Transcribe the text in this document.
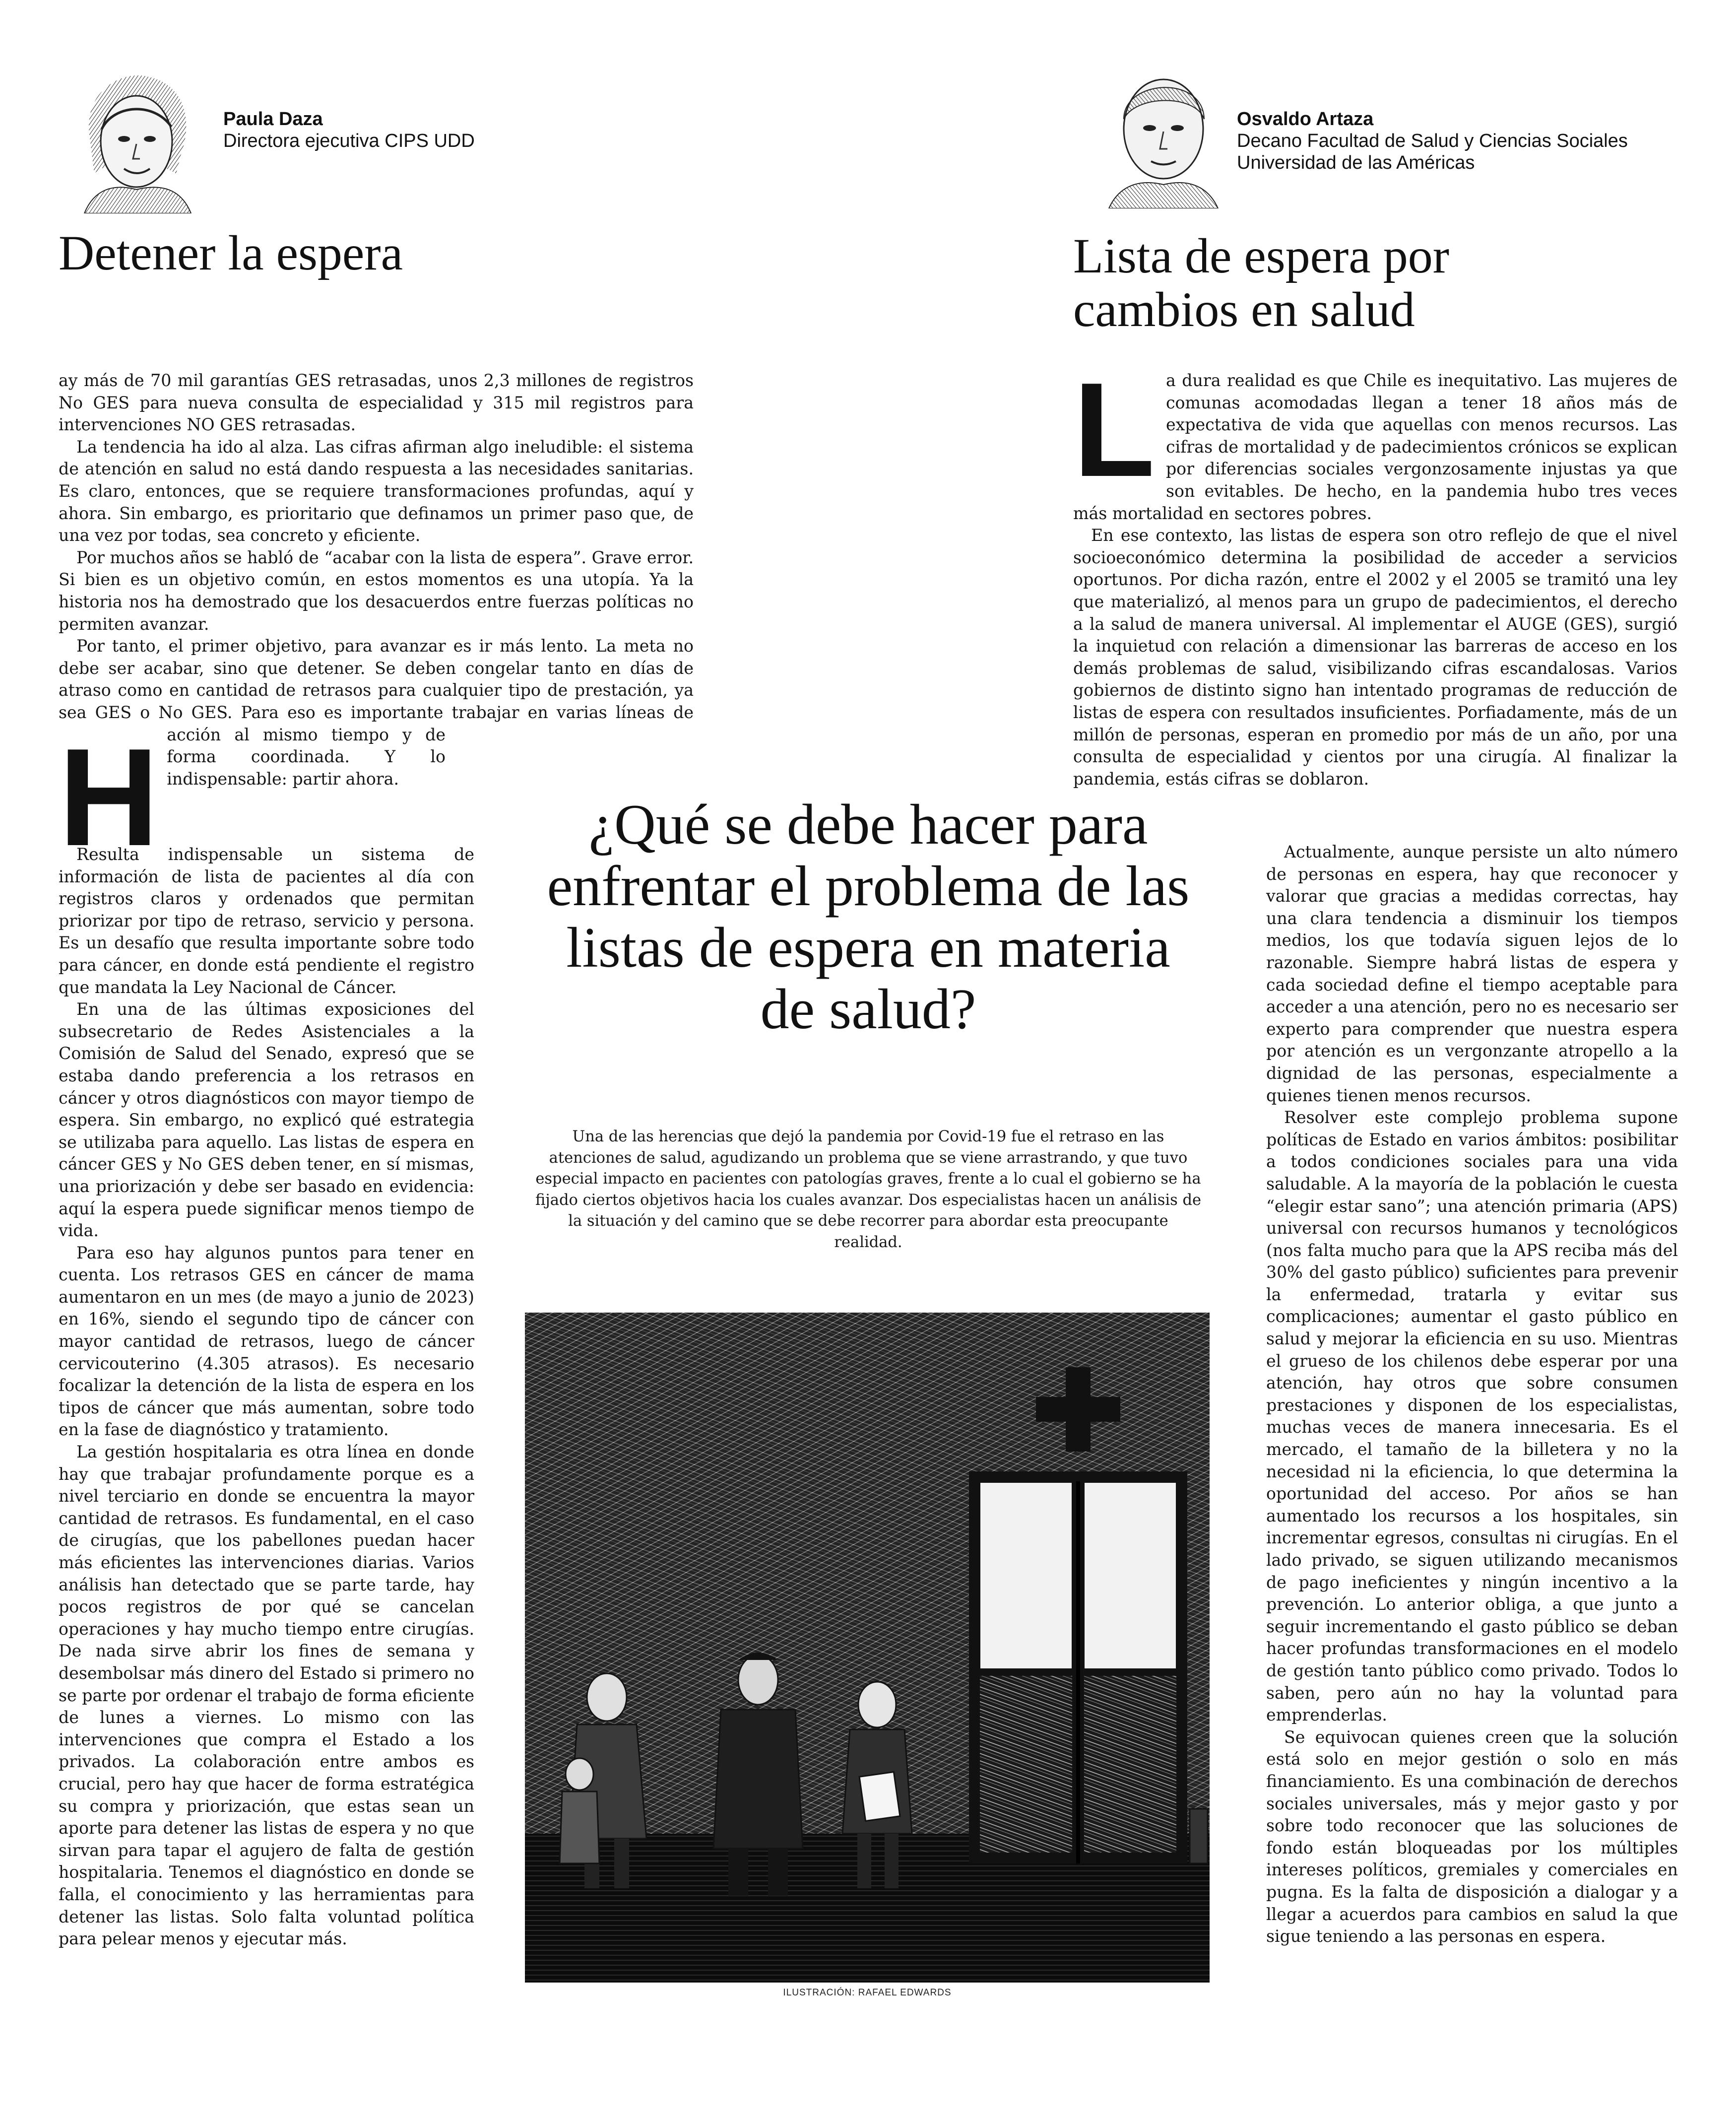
Paula Daza
Directora ejecutiva CIPS UDD
Detener la espera
Osvaldo Artaza
Decano Facultad de Salud y Ciencias Sociales
Universidad de las Américas
Lista de espera por cambios en salud
H

ay más de 70 mil garantías GES retrasadas, unos 2,3 millones de registros No GES para nueva consulta de especialidad y 315 mil registros para intervenciones NO GES retrasadas.

La tendencia ha ido al alza. Las cifras afirman algo ineludible: el sistema de atención en salud no está dando respuesta a las necesidades sanitarias. Es claro, entonces, que se requiere transformaciones profundas, aquí y ahora. Sin embargo, es prioritario que definamos un primer paso que, de una vez por todas, sea concreto y eficiente.

Por muchos años se habló de “acabar con la lista de espera”. Grave error. Si bien es un objetivo común, en estos momentos es una utopía. Ya la historia nos ha demostrado que los desacuerdos entre fuerzas políticas no permiten avanzar.

Por tanto, el primer objetivo, para avanzar es ir más lento. La meta no debe ser acabar, sino que detener. Se deben congelar tanto en días de atraso como en cantidad de retrasos para cualquier tipo de prestación, ya sea GES o No GES. Para eso es importante trabajar en varias líneas de acción al mismo tiempo y de forma coordinada. Y lo indispensable: partir ahora.

Resulta indispensable un sistema de información de lista de pacientes al día con registros claros y ordenados que permitan priorizar por tipo de retraso, servicio y persona. Es un desafío que resulta importante sobre todo para cáncer, en donde está pendiente el registro que mandata la Ley Nacional de Cáncer.

En una de las últimas exposiciones del subsecretario de Redes Asistenciales a la Comisión de Salud del Senado, expresó que se estaba dando preferencia a los retrasos en cáncer y otros diagnósticos con mayor tiempo de espera. Sin embargo, no explicó qué estrategia se utilizaba para aquello. Las listas de espera en cáncer GES y No GES deben tener, en sí mismas, una priorización y debe ser basado en evidencia: aquí la espera puede significar menos tiempo de vida.

Para eso hay algunos puntos para tener en cuenta. Los retrasos GES en cáncer de mama aumentaron en un mes (de mayo a junio de 2023) en 16%, siendo el segundo tipo de cáncer con mayor cantidad de retrasos, luego de cáncer cervicouterino (4.305 atrasos). Es necesario focalizar la detención de la lista de espera en los tipos de cáncer que más aumentan, sobre todo en la fase de diagnóstico y tratamiento.

La gestión hospitalaria es otra línea en donde hay que trabajar profundamente porque es a nivel terciario en donde se encuentra la mayor cantidad de retrasos. Es fundamental, en el caso de cirugías, que los pabellones puedan hacer más eficientes las intervenciones diarias. Varios análisis han detectado que se parte tarde, hay pocos registros de por qué se cancelan operaciones y hay mucho tiempo entre cirugías. De nada sirve abrir los fines de semana y desembolsar más dinero del Estado si primero no se parte por ordenar el trabajo de forma eficiente de lunes a viernes. Lo mismo con las intervenciones que compra el Estado a los privados. La colaboración entre ambos es crucial, pero hay que hacer de forma estratégica su compra y priorización, que estas sean un aporte para detener las listas de espera y no que sirvan para tapar el agujero de falta de gestión hospitalaria. Tenemos el diagnóstico en donde se falla, el conocimiento y las herramientas para detener las listas. Solo falta voluntad política para pelear menos y ejecutar más.

L a dura realidad es que Chile es inequitativo. Las mujeres de comunas acomodadas llegan a tener 18 años más de expectativa de vida que aquellas con menos recursos. Las cifras de mortalidad y de padecimientos crónicos se explican por diferencias sociales vergonzosamente injustas ya que son evitables. De hecho, en la pandemia hubo tres veces más mortalidad en sectores pobres.

En ese contexto, las listas de espera son otro reflejo de que el nivel socioeconómico determina la posibilidad de acceder a servicios oportunos. Por dicha razón, entre el 2002 y el 2005 se tramitó una ley que materializó, al menos para un grupo de padecimientos, el derecho a la salud de manera universal. Al implementar el AUGE (GES), surgió la inquietud con relación a dimensionar las barreras de acceso en los demás problemas de salud, visibilizando cifras escandalosas. Varios gobiernos de distinto signo han intentado programas de reducción de listas de espera con resultados insuficientes. Porfiadamente, más de un millón de personas, esperan en promedio por más de un año, por una consulta de especialidad y cientos por una cirugía. Al finalizar la pandemia, estás cifras se doblaron.

Actualmente, aunque persiste un alto número de personas en espera, hay que reconocer y valorar que gracias a medidas correctas, hay una clara tendencia a disminuir los tiempos medios, los que todavía siguen lejos de lo razonable. Siempre habrá listas de espera y cada sociedad define el tiempo aceptable para acceder a una atención, pero no es necesario ser experto para comprender que nuestra espera por atención es un vergonzante atropello a la dignidad de las personas, especialmente a quienes tienen menos recursos.

Resolver este complejo problema supone políticas de Estado en varios ámbitos: posibilitar a todos condiciones sociales para una vida saludable. A la mayoría de la población le cuesta “elegir estar sano”; una atención primaria (APS) universal con recursos humanos y tecnológicos (nos falta mucho para que la APS reciba más del 30% del gasto público) suficientes para prevenir la enfermedad, tratarla y evitar sus complicaciones; aumentar el gasto público en salud y mejorar la eficiencia en su uso. Mientras el grueso de los chilenos debe esperar por una atención, hay otros que sobre consumen prestaciones y disponen de los especialistas, muchas veces de manera innecesaria. Es el mercado, el tamaño de la billetera y no la necesidad ni la eficiencia, lo que determina la oportunidad del acceso. Por años se han aumentado los recursos a los hospitales, sin incrementar egresos, consultas ni cirugías. En el lado privado, se siguen utilizando mecanismos de pago ineficientes y ningún incentivo a la prevención. Lo anterior obliga, a que junto a seguir incrementando el gasto público se deban hacer profundas transformaciones en el modelo de gestión tanto público como privado. Todos lo saben, pero aún no hay la voluntad para emprenderlas.

Se equivocan quienes creen que la solución está solo en mejor gestión o solo en más financiamiento. Es una combinación de derechos sociales universales, más y mejor gasto y por sobre todo reconocer que las soluciones de fondo están bloqueadas por los múltiples intereses políticos, gremiales y comerciales en pugna. Es la falta de disposición a dialogar y a llegar a acuerdos para cambios en salud la que sigue teniendo a las personas en espera.

¿Qué se debe hacer para enfrentar el problema de las listas de espera en materia de salud?
Una de las herencias que dejó la pandemia por Covid-19 fue el retraso en las atenciones de salud, agudizando un problema que se viene arrastrando, y que tuvo especial impacto en pacientes con patologías graves, frente a lo cual el gobierno se ha fijado ciertos objetivos hacia los cuales avanzar. Dos especialistas hacen un análisis de la situación y del camino que se debe recorrer para abordar esta preocupante realidad.
ILUSTRACIÓN: RAFAEL EDWARDS
